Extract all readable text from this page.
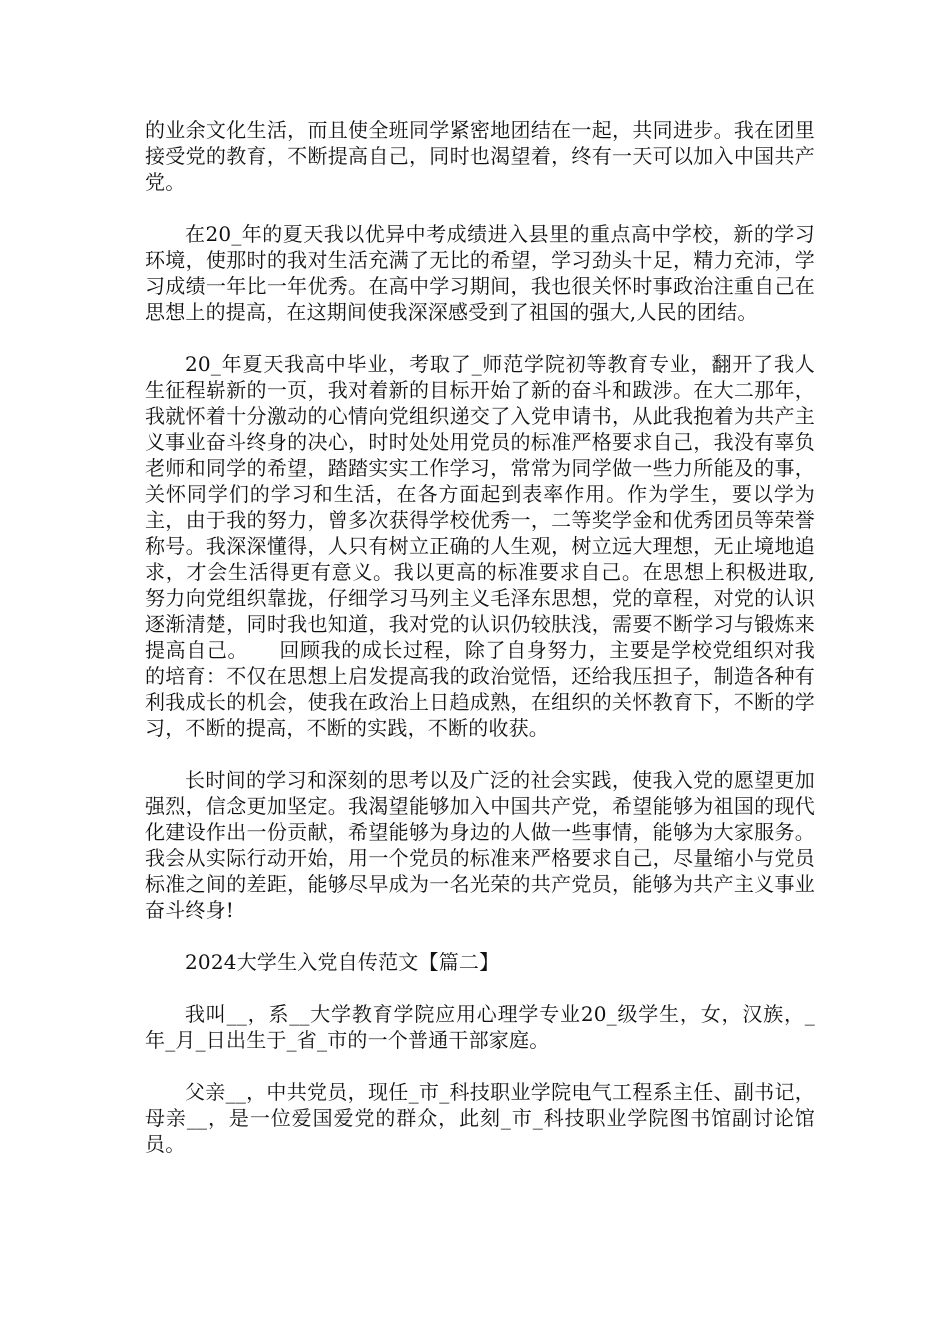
的业余文化生活，而且使全班同学紧密地团结在一起，共同进步。我在团里接受党的教育，不断提高自己，同时也渴望着，终有一天可以加入中国共产党。

在20_年的夏天我以优异中考成绩进入县里的重点高中学校，新的学习环境，使那时的我对生活充满了无比的希望，学习劲头十足，精力充沛，学习成绩一年比一年优秀。在高中学习期间，我也很关怀时事政治注重自己在思想上的提高，在这期间使我深深感受到了祖国的强大,人民的团结。

20_年夏天我高中毕业，考取了_师范学院初等教育专业，翻开了我人生征程崭新的一页，我对着新的目标开始了新的奋斗和跋涉。在大二那年，我就怀着十分激动的心情向党组织递交了入党申请书，从此我抱着为共产主义事业奋斗终身的决心，时时处处用党员的标准严格要求自己，我没有辜负老师和同学的希望，踏踏实实工作学习，常常为同学做一些力所能及的事，关怀同学们的学习和生活，在各方面起到表率作用。作为学生，要以学为主，由于我的努力，曾多次获得学校优秀一，二等奖学金和优秀团员等荣誉称号。我深深懂得，人只有树立正确的人生观，树立远大理想，无止境地追求，才会生活得更有意义。我以更高的标准要求自己。在思想上积极进取,努力向党组织靠拢，仔细学习马列主义毛泽东思想，党的章程，对党的认识逐渐清楚，同时我也知道，我对党的认识仍较肤浅，需要不断学习与锻炼来提高自己。　　回顾我的成长过程，除了自身努力，主要是学校党组织对我的培育：不仅在思想上启发提高我的政治觉悟，还给我压担子，制造各种有利我成长的机会，使我在政治上日趋成熟，在组织的关怀教育下，不断的学习，不断的提高，不断的实践，不断的收获。

长时间的学习和深刻的思考以及广泛的社会实践，使我入党的愿望更加强烈，信念更加坚定。我渴望能够加入中国共产党，希望能够为祖国的现代化建设作出一份贡献，希望能够为身边的人做一些事情，能够为大家服务。我会从实际行动开始，用一个党员的标准来严格要求自己，尽量缩小与党员标准之间的差距，能够尽早成为一名光荣的共产党员，能够为共产主义事业奋斗终身!

2024大学生入党自传范文【篇二】

我叫__，系__大学教育学院应用心理学专业20_级学生，女，汉族，_年_月_日出生于_省_市的一个普通干部家庭。

父亲__，中共党员，现任_市_科技职业学院电气工程系主任、副书记，母亲__，是一位爱国爱党的群众，此刻_市_科技职业学院图书馆副讨论馆员。
